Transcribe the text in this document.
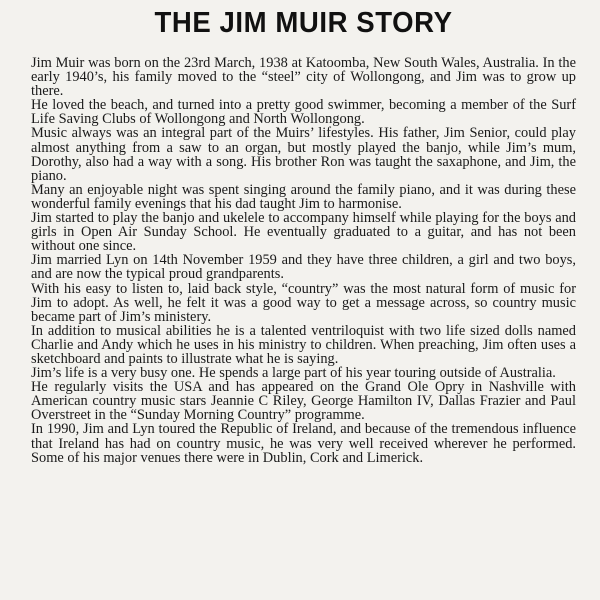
THE JIM MUIR STORY

Jim Muir was born on the 23rd March, 1938 at Katoomba, New South Wales, Australia. In the early 1940’s, his family moved to the “steel” city of Wollongong, and Jim was to grow up there.

He loved the beach, and turned into a pretty good swimmer, becoming a member of the Surf Life Saving Clubs of Wollongong and North Wollongong.

Music always was an integral part of the Muirs’ lifestyles. His father, Jim Senior, could play almost anything from a saw to an organ, but mostly played the banjo, while Jim’s mum, Dorothy, also had a way with a song. His brother Ron was taught the saxaphone, and Jim, the piano.

Many an enjoyable night was spent singing around the family piano, and it was during these wonderful family evenings that his dad taught Jim to harmonise.

Jim started to play the banjo and ukelele to accompany himself while playing for the boys and girls in Open Air Sunday School. He eventually graduated to a guitar, and has not been without one since.

Jim married Lyn on 14th November 1959 and they have three children, a girl and two boys, and are now the typical proud grandparents.

With his easy to listen to, laid back style, “country” was the most natural form of music for Jim to adopt. As well, he felt it was a good way to get a message across, so country music became part of Jim’s ministery.

In addition to musical abilities he is a talented ventriloquist with two life sized dolls named Charlie and Andy which he uses in his ministry to children. When preaching, Jim often uses a sketchboard and paints to illustrate what he is saying.

Jim’s life is a very busy one. He spends a large part of his year touring outside of Australia.

He regularly visits the USA and has appeared on the Grand Ole Opry in Nashville with American country music stars Jeannie C Riley, George Hamilton IV, Dallas Frazier and Paul Overstreet in the “Sunday Morning Country” programme.

In 1990, Jim and Lyn toured the Republic of Ireland, and because of the tremendous influence that Ireland has had on country music, he was very well received wherever he performed. Some of his major venues there were in Dublin, Cork and Limerick.
